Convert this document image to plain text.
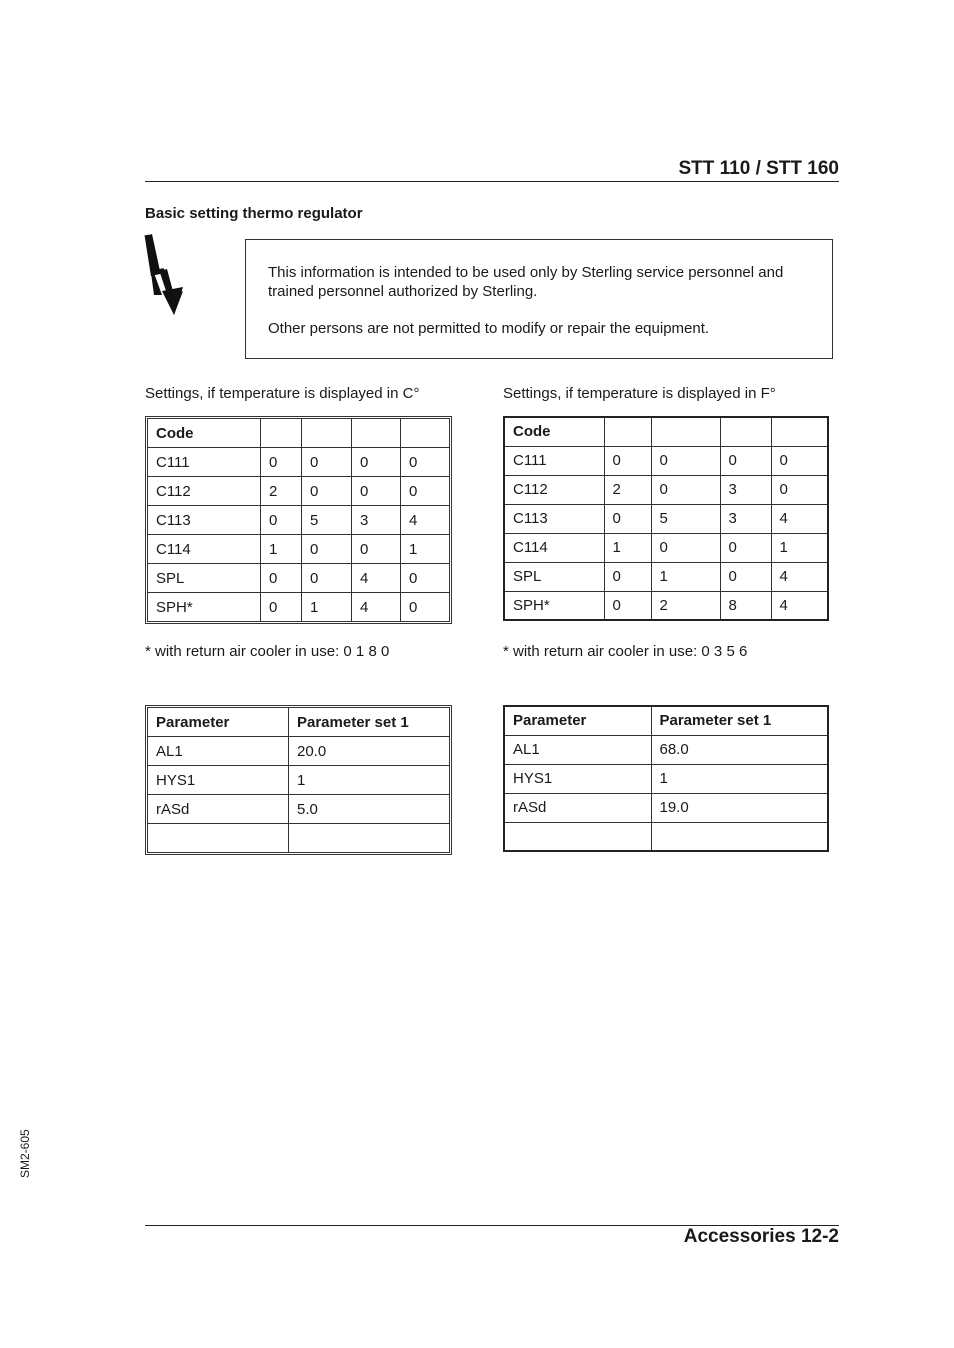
STT 110 / STT 160
Basic setting thermo regulator

This information is intended to be used only by Sterling service personnel and trained personnel authorized by Sterling.

Other persons are not permitted to modify or repair the equipment.

Settings, if temperature is displayed in C°
Code				
C111	0	0	0	0
C112	2	0	0	0
C113	0	5	3	4
C114	1	0	0	1
SPL	0	0	4	0
SPH*	0	1	4	0
* with return air cooler in use: 0 1 8 0
Parameter	Parameter set 1
AL1	20.0
HYS1	1
rASd	5.0

Settings, if temperature is displayed in F°
Code				
C111	0	0	0	0
C112	2	0	3	0
C113	0	5	3	4
C114	1	0	0	1
SPL	0	1	0	4
SPH*	0	2	8	4
* with return air cooler in use: 0 3 5 6
Parameter	Parameter set 1
AL1	68.0
HYS1	1
rASd	19.0

SM2-605
Accessories 12-2
